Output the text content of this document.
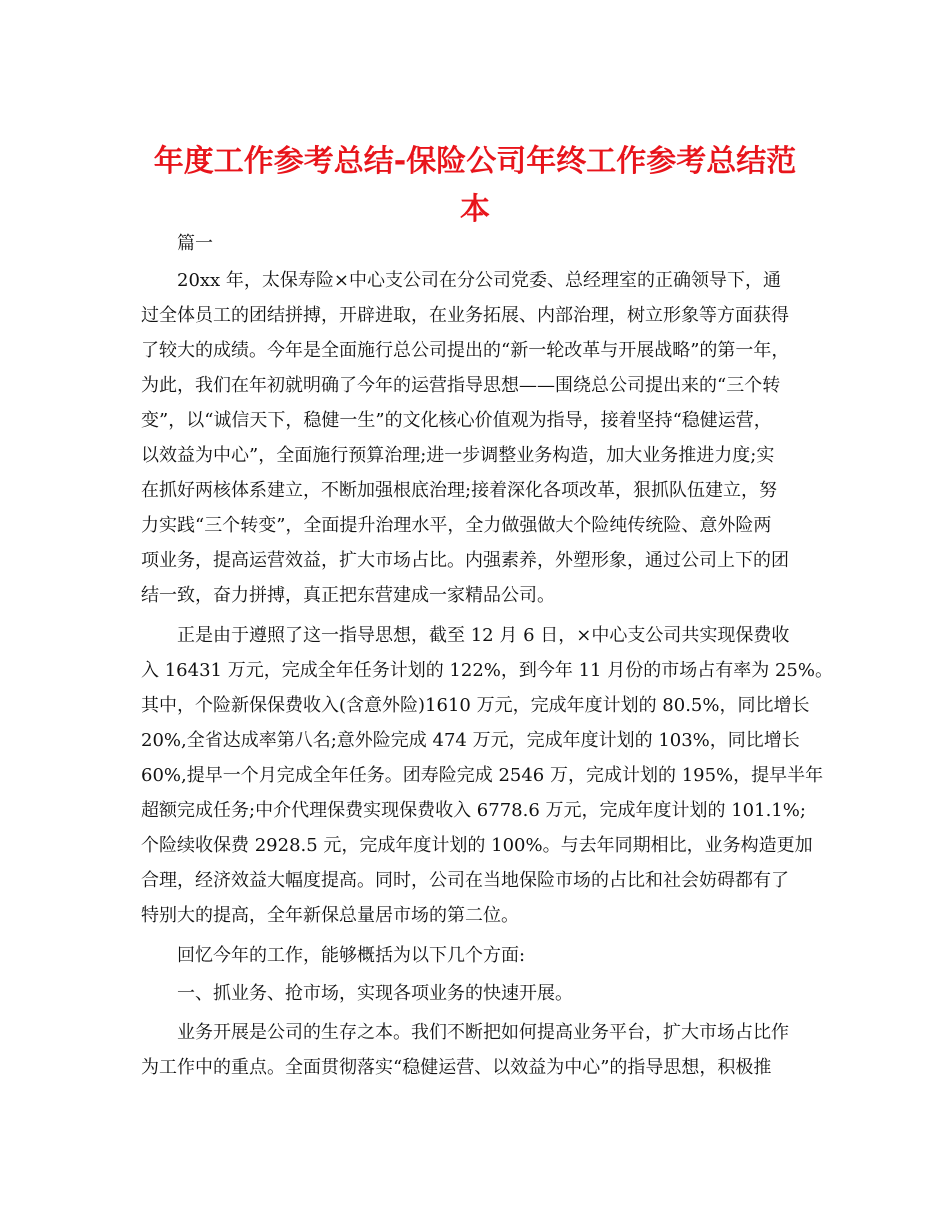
年度工作参考总结-保险公司年终工作参考总结范
本

篇一

20xx 年，太保寿险×中心支公司在分公司党委、总经理室的正确领导下，通

过全体员工的团结拼搏，开辟进取，在业务拓展、内部治理，树立形象等方面获得

了较大的成绩。今年是全面施行总公司提出的“新一轮改革与开展战略”的第一年，

为此，我们在年初就明确了今年的运营指导思想——围绕总公司提出来的“三个转

变”，以“诚信天下，稳健一生”的文化核心价值观为指导，接着坚持“稳健运营，

以效益为中心”，全面施行预算治理;进一步调整业务构造，加大业务推进力度;实

在抓好两核体系建立，不断加强根底治理;接着深化各项改革，狠抓队伍建立，努

力实践“三个转变”，全面提升治理水平，全力做强做大个险纯传统险、意外险两

项业务，提高运营效益，扩大市场占比。内强素养，外塑形象，通过公司上下的团

结一致，奋力拼搏，真正把东营建成一家精品公司。

正是由于遵照了这一指导思想，截至 12 月 6 日，×中心支公司共实现保费收

入 16431 万元，完成全年任务计划的 122%，到今年 11 月份的市场占有率为 25%。

其中，个险新保保费收入(含意外险)1610 万元，完成年度计划的 80.5%，同比增长

20%,全省达成率第八名;意外险完成 474 万元，完成年度计划的 103%，同比增长

60%,提早一个月完成全年任务。团寿险完成 2546 万，完成计划的 195%，提早半年

超额完成任务;中介代理保费实现保费收入 6778.6 万元，完成年度计划的 101.1%;

个险续收保费 2928.5 元，完成年度计划的 100%。与去年同期相比，业务构造更加

合理，经济效益大幅度提高。同时，公司在当地保险市场的占比和社会妨碍都有了

特别大的提高，全年新保总量居市场的第二位。

回忆今年的工作，能够概括为以下几个方面:

一、抓业务、抢市场，实现各项业务的快速开展。

业务开展是公司的生存之本。我们不断把如何提高业务平台，扩大市场占比作

为工作中的重点。全面贯彻落实“稳健运营、以效益为中心”的指导思想，积极推
